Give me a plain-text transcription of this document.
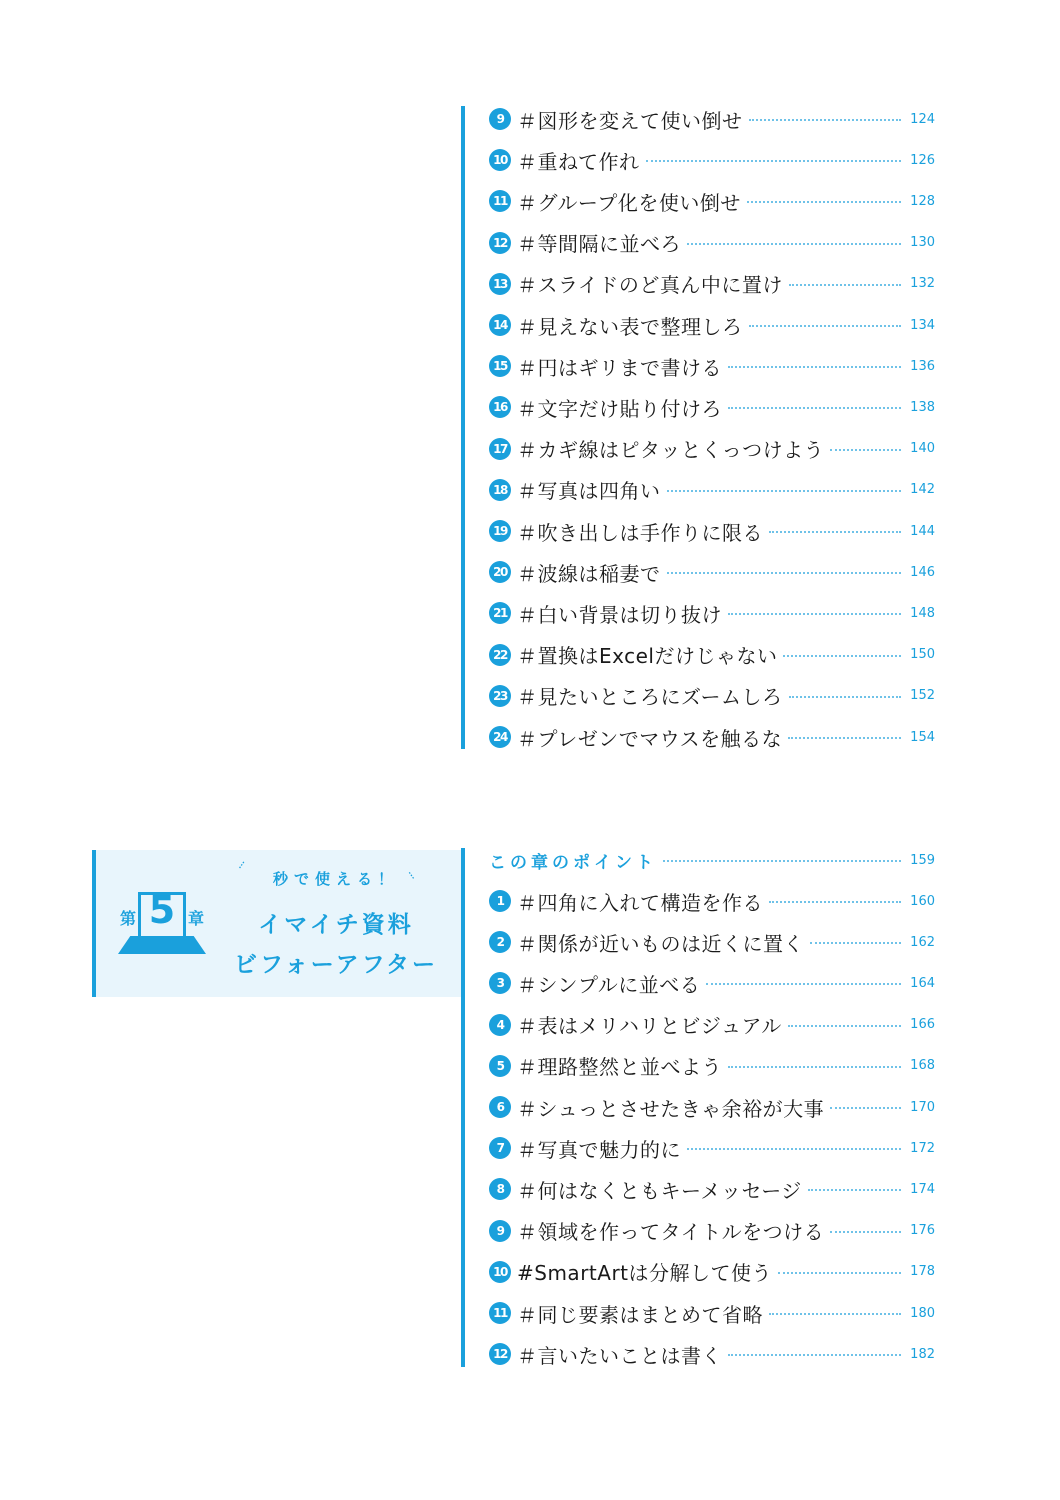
9 ＃図形を変えて使い倒せ	124
10 ＃重ねて作れ	126
11 ＃グループ化を使い倒せ	128
12 ＃等間隔に並べろ	130
13 ＃スライドのど真ん中に置け	132
14 ＃見えない表で整理しろ	134
15 ＃円はギリまで書ける	136
16 ＃文字だけ貼り付けろ	138
17 ＃カギ線はピタッとくっつけよう	140
18 ＃写真は四角い	142
19 ＃吹き出しは手作りに限る	144
20 ＃波線は稲妻で	146
21 ＃白い背景は切り抜け	148
22 ＃置換はExcelだけじゃない	150
23 ＃見たいところにズームしろ	152
24 ＃プレゼンでマウスを触るな	154
第 5 章
⁝
秒で使える！ ⁝
イマイチ資料
ビフォーアフター
この章のポイント	159
1 ＃四角に入れて構造を作る	160
2 ＃関係が近いものは近くに置く	162
3 ＃シンプルに並べる	164
4 ＃表はメリハリとビジュアル	166
5 ＃理路整然と並べよう	168
6 ＃シュっとさせたきゃ余裕が大事	170
7 ＃写真で魅力的に	172
8 ＃何はなくともキーメッセージ	174
9 ＃領域を作ってタイトルをつける	176
10 #SmartArtは分解して使う	178
11 ＃同じ要素はまとめて省略	180
12 ＃言いたいことは書く	182
